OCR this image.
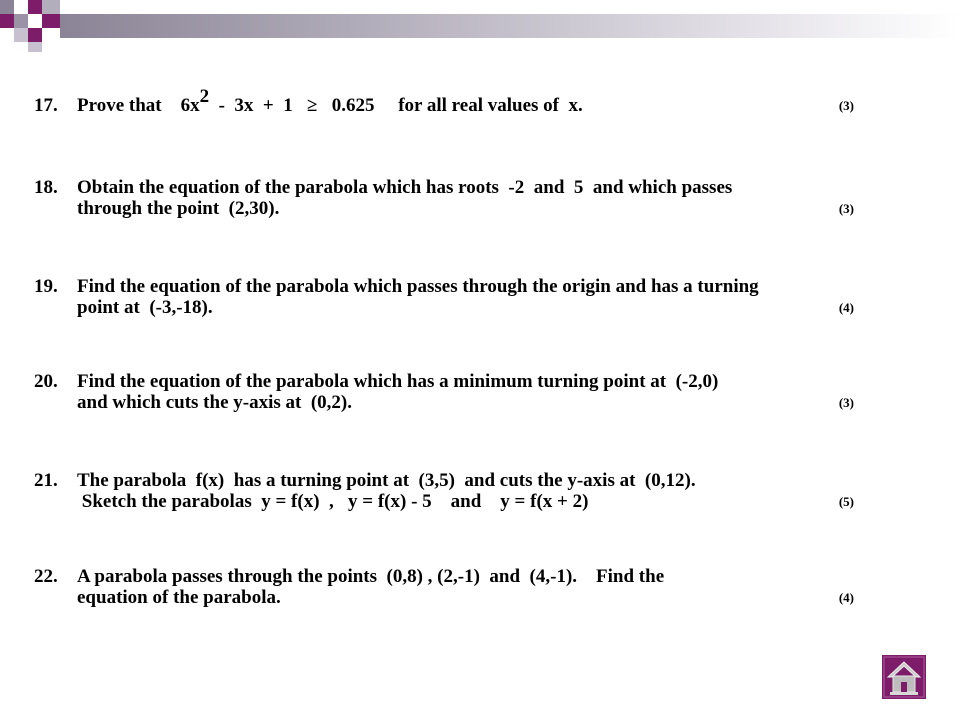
17.

Prove that    6x2  -  3x  +  1   ≥   0.625     for all real values of  x.

	(3)

18.

Obtain the equation of the parabola which has roots  -2  and  5  and which passes

through the point  (2,30).

	(3)

19.

Find the equation of the parabola which passes through the origin and has a turning

point at  (-3,-18).

	(4)

20.

Find the equation of the parabola which has a minimum turning point at  (-2,0)

and which cuts the y-axis at  (0,2).

	(3)

21.

The parabola  f(x)  has a turning point at  (3,5)  and cuts the y-axis at  (0,12).

Sketch the parabolas  y = f(x)  ,   y = f(x) - 5    and    y = f(x + 2)

	(5)

22.

A parabola passes through the points  (0,8) , (2,-1)  and  (4,-1).    Find the

equation of the parabola.

	(4)
